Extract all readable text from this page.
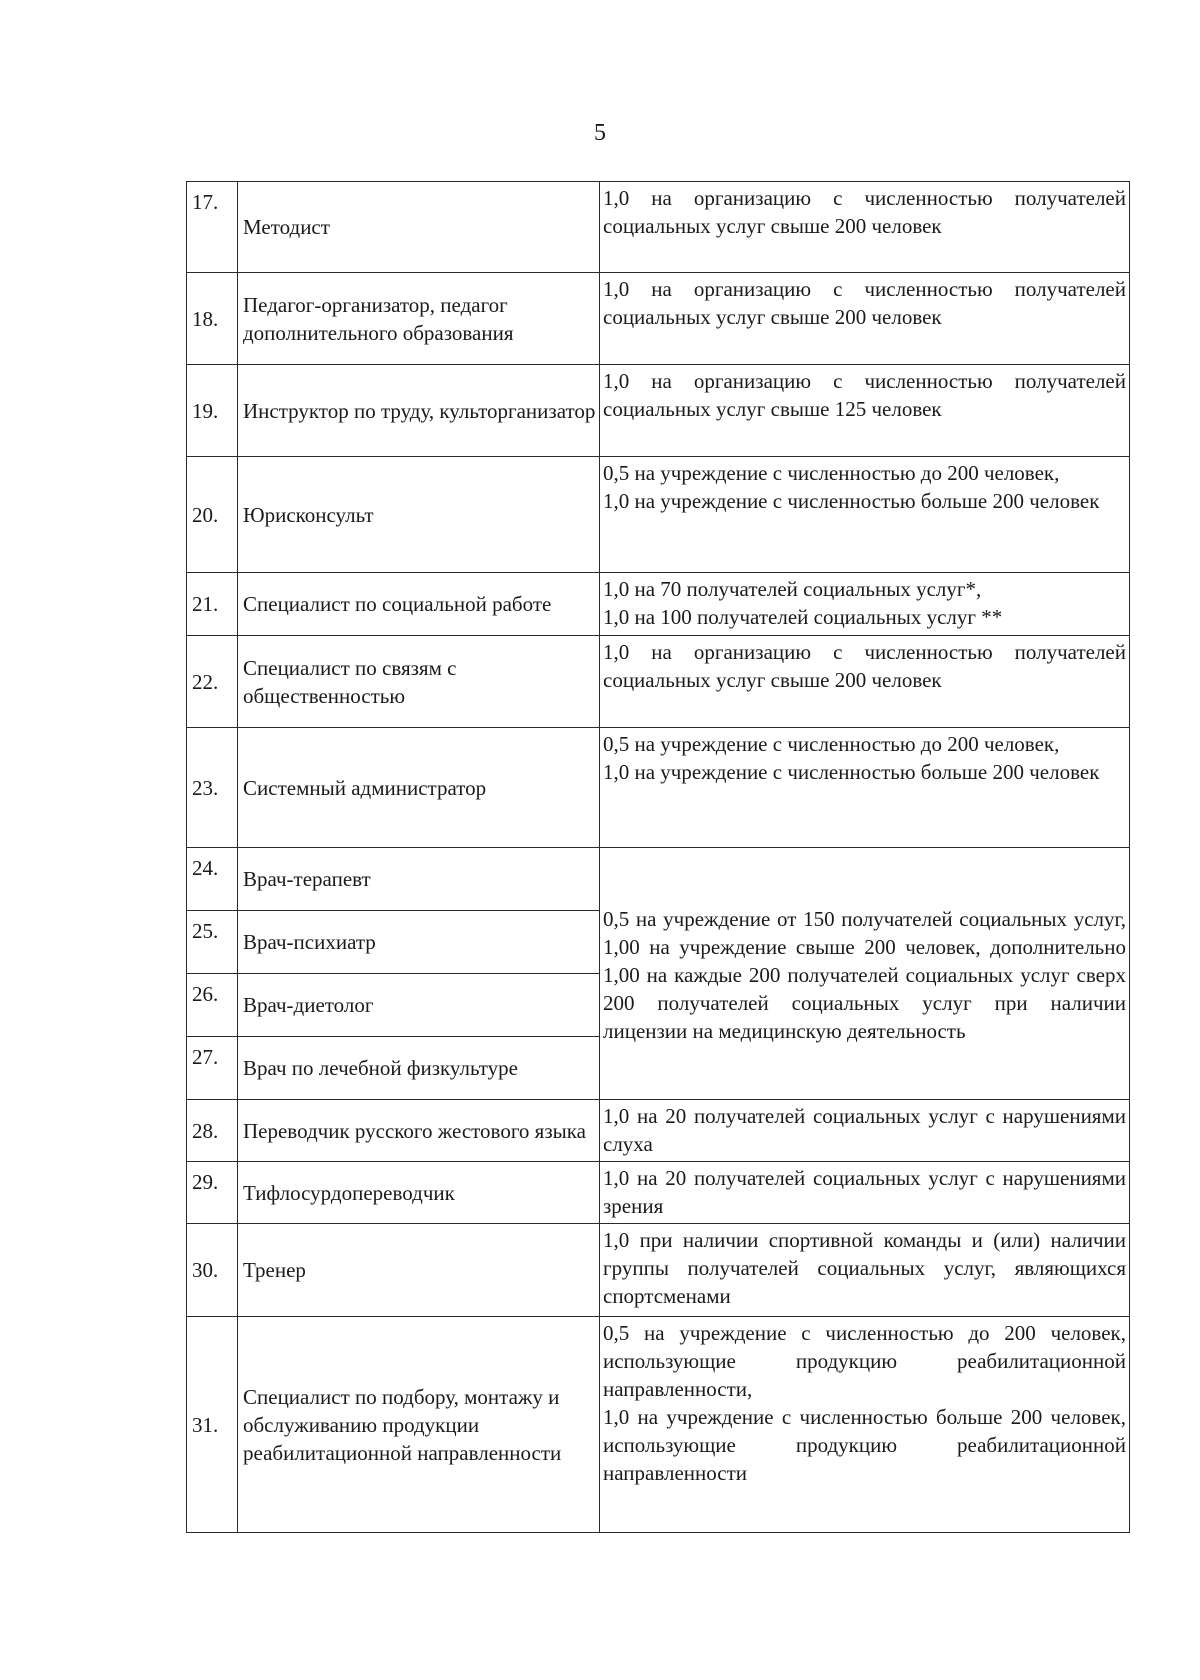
5
17.	Методист	1,0 на организацию с численностью получателей социальных услуг свыше 200 человек
18.	Педагог-организатор, педагог дополнительного образования	1,0 на организацию с численностью получателей социальных услуг свыше 200 человек
19.	Инструктор по труду, культорганизатор	1,0 на организацию с численностью получателей социальных услуг свыше 125 человек
20.	Юрисконсульт	0,5 на учреждение с численностью до 200 человек,
1,0 на учреждение с численностью больше 200 человек

21.	Специалист по социальной работе	1,0 на 70 получателей социальных услуг*,
1,0 на 100 получателей социальных услуг **

22.	Специалист по связям с общественностью	1,0 на организацию с численностью получателей социальных услуг свыше 200 человек
23.	Системный администратор	0,5 на учреждение с численностью до 200 человек,
1,0 на учреждение с численностью больше 200 человек

24.	Врач-терапевт	0,5 на учреждение от 150 получателей социальных услуг, 1,00 на учреждение свыше 200 человек, дополнительно 1,00 на каждые 200 получателей социальных услуг сверх 200 получателей социальных услуг при наличии лицензии на медицинскую деятельность
25.	Врач-психиатр	
26.	Врач-диетолог	
27.	Врач по лечебной физкультуре	
28.	Переводчик русского жестового языка	1,0 на 20 получателей социальных услуг с нарушениями слуха
29.	Тифлосурдопереводчик	1,0 на 20 получателей социальных услуг с нарушениями зрения
30.	Тренер	1,0 при наличии спортивной команды и (или) наличии группы получателей социальных услуг, являющихся спортсменами
31.	Специалист по подбору, монтажу и обслуживанию продукции реабилитационной направленности	0,5 на учреждение с численностью до 200 человек, использующие продукцию реабилитационной направленности,
1,0 на учреждение с численностью больше 200 человек, использующие продукцию реабилитационной направленности
